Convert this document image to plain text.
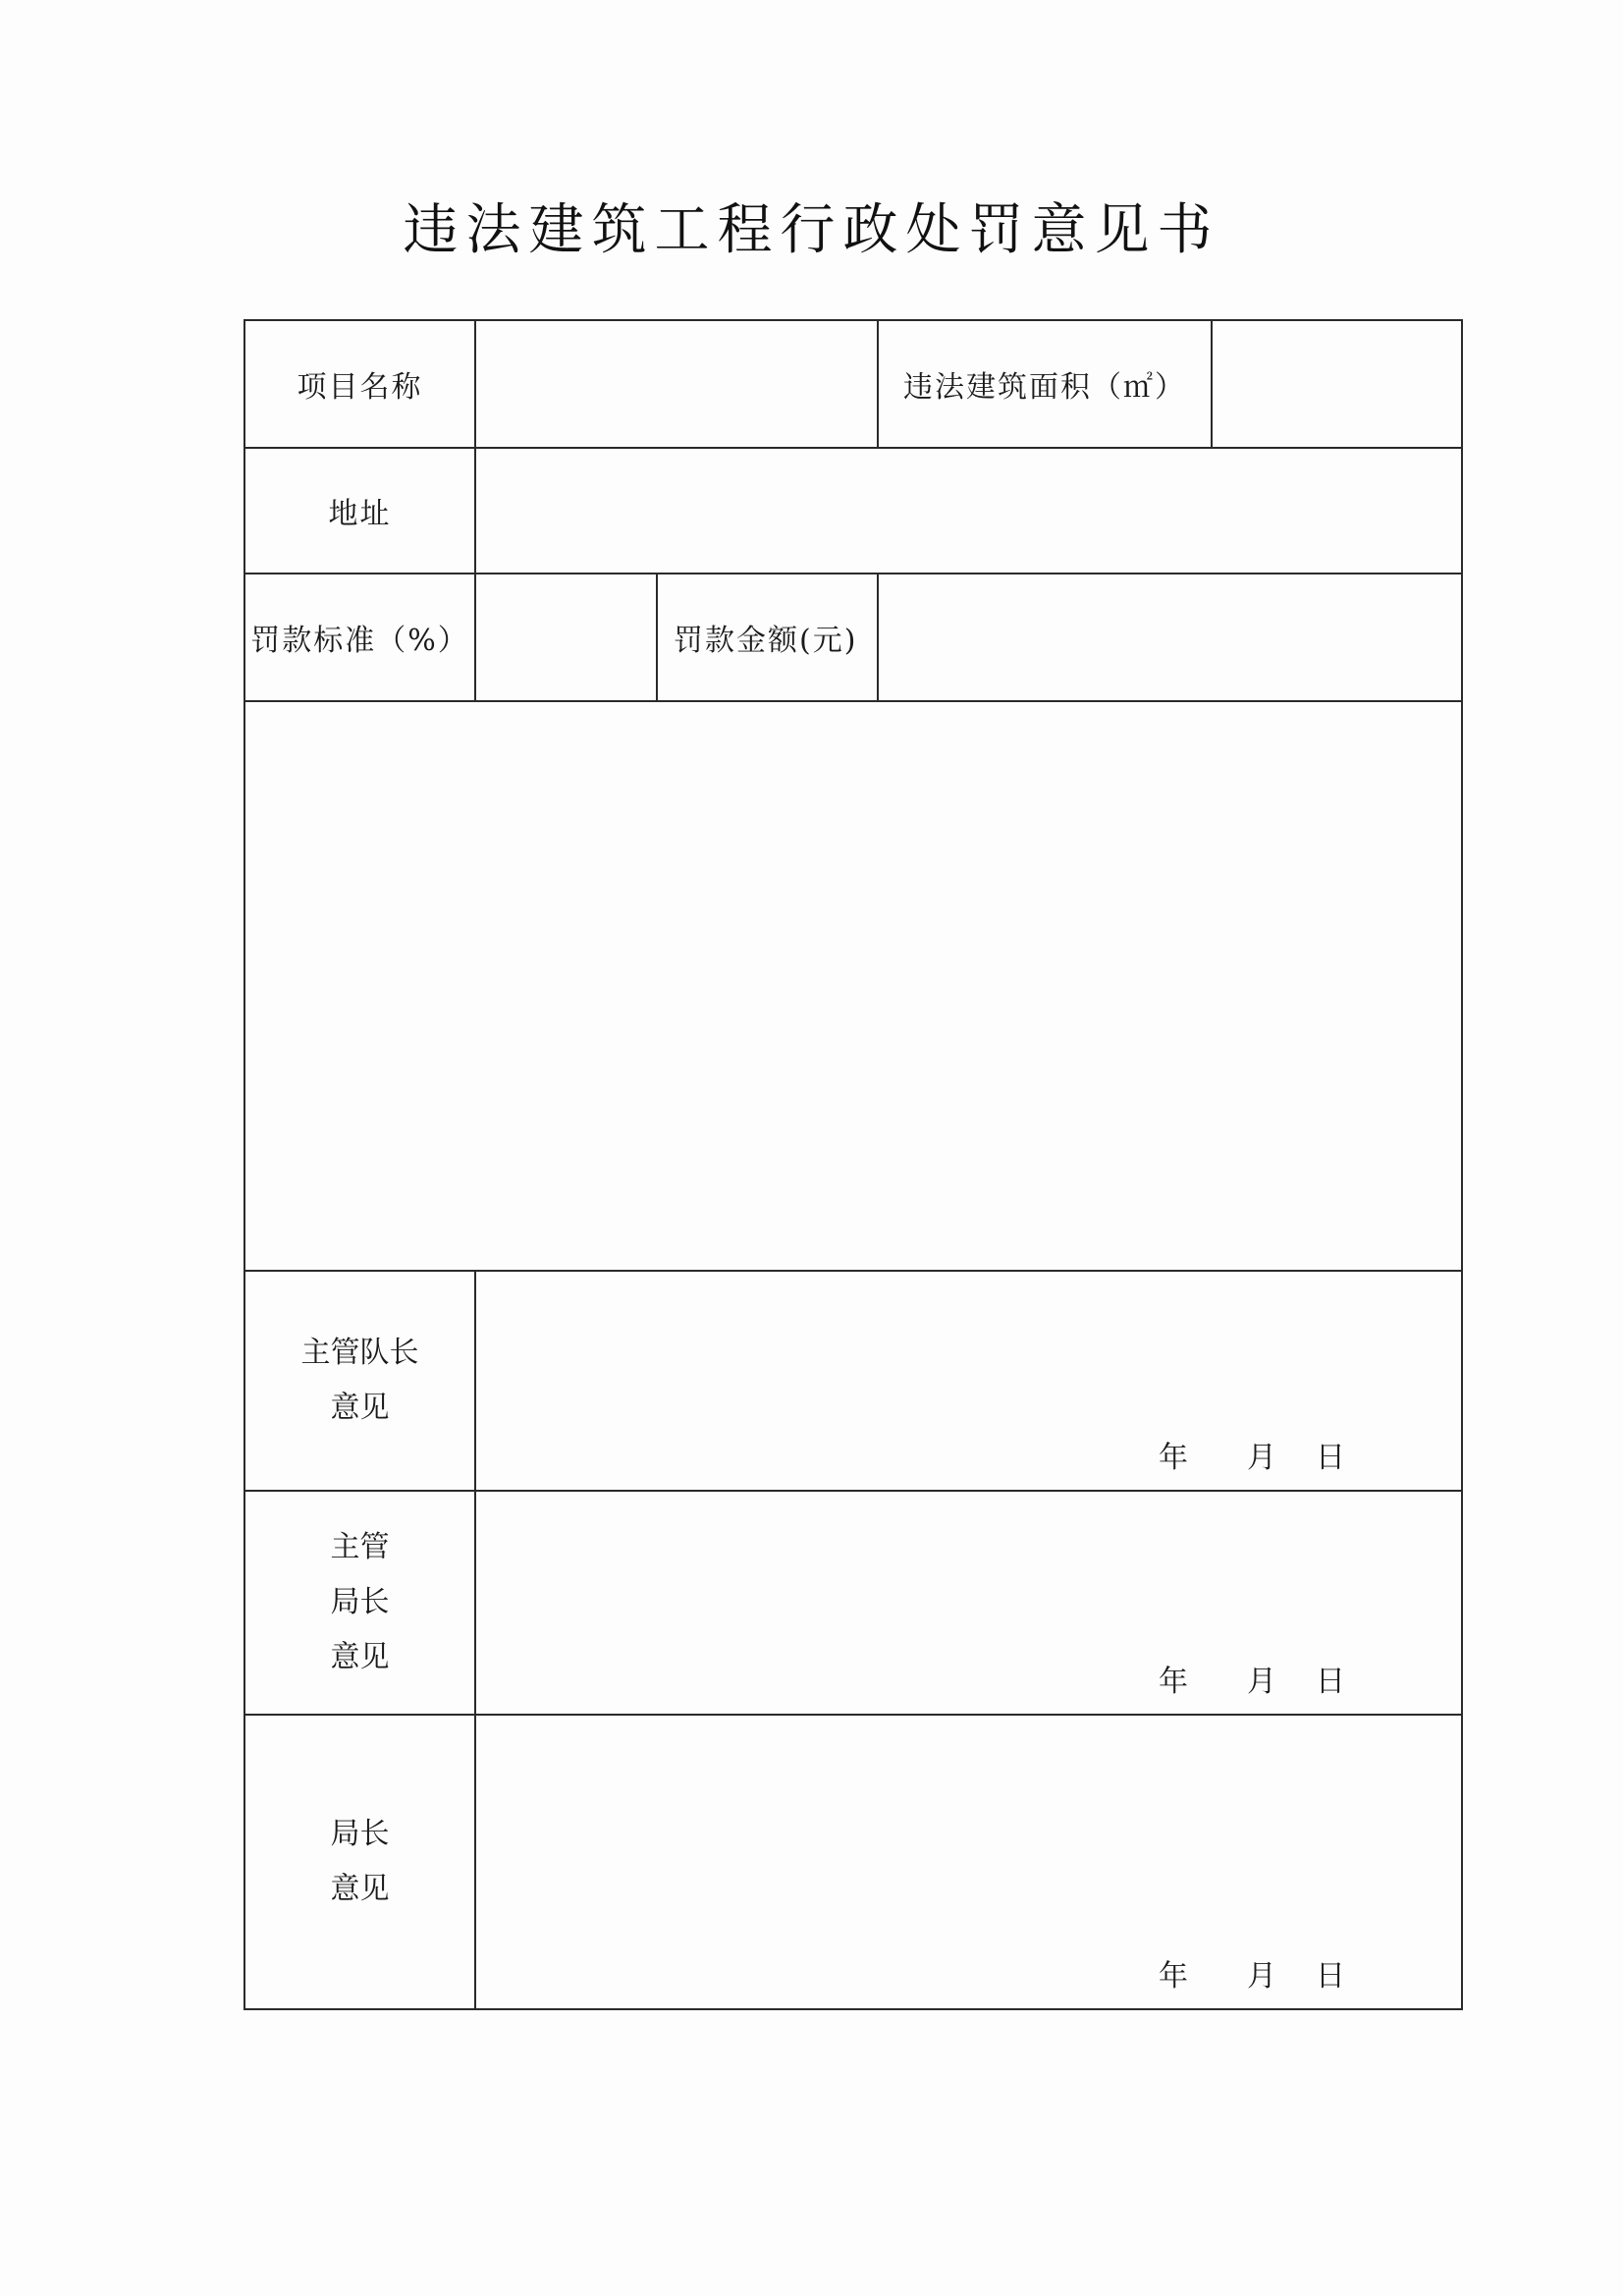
违法建筑工程行政处罚意见书
项目名称			违法建筑面积（㎡）	
地址				
罚款标准（%）		罚款金额(元)		

主管队长
意见	年 月 日			

主管
局长
意见	年 月 日			

局长
意见	年 月 日			
